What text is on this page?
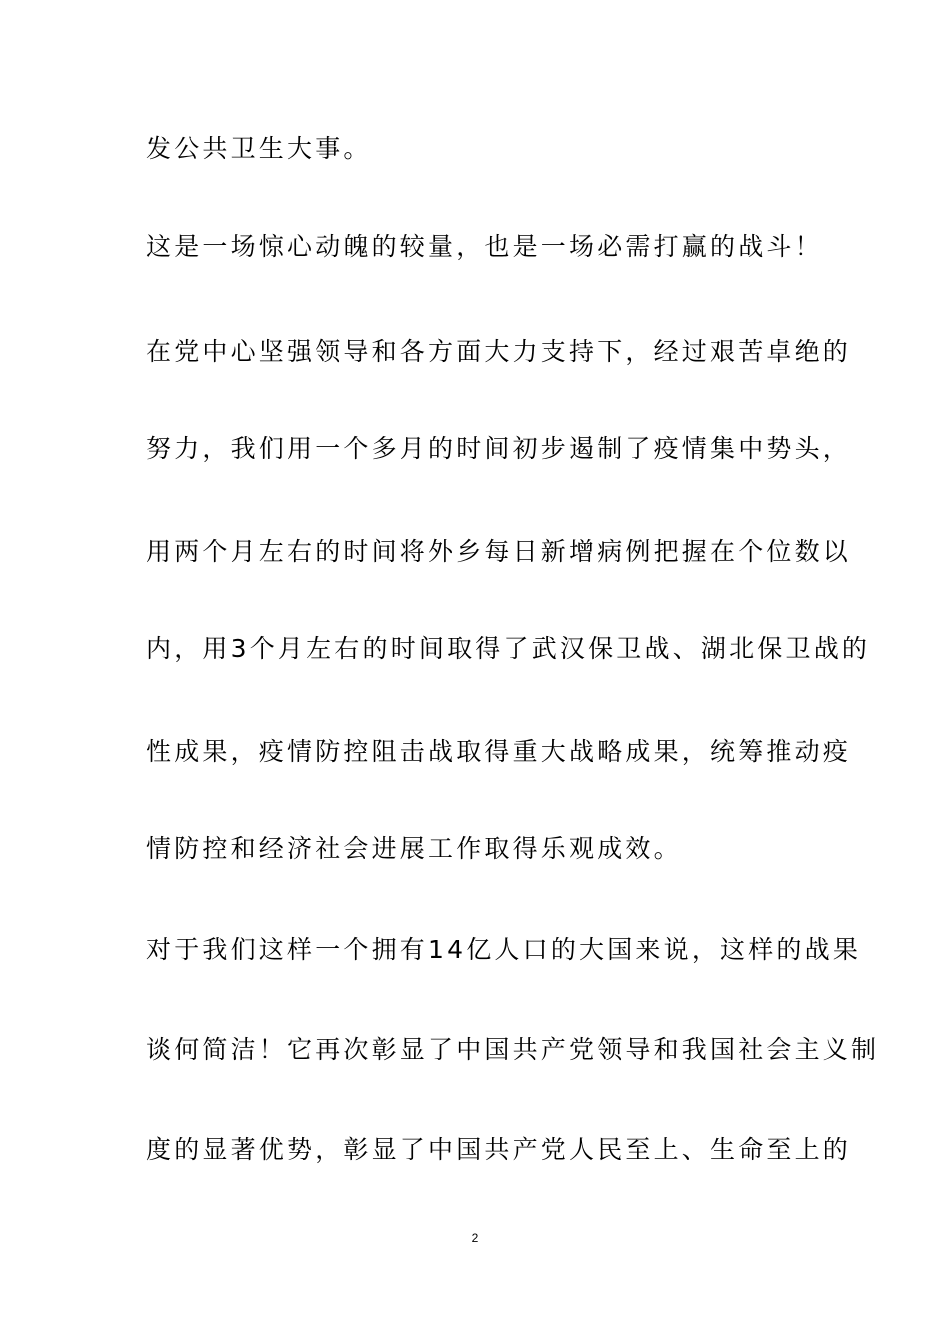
发公共卫生大事。
这是一场惊心动魄的较量，也是一场必需打赢的战斗！
在党中心坚强领导和各方面大力支持下，经过艰苦卓绝的
努力，我们用一个多月的时间初步遏制了疫情集中势头，
用两个月左右的时间将外乡每日新增病例把握在个位数以
内，用3个月左右的时间取得了武汉保卫战、湖北保卫战的
性成果，疫情防控阻击战取得重大战略成果，统筹推动疫
情防控和经济社会进展工作取得乐观成效。
对于我们这样一个拥有14亿人口的大国来说，这样的战果
谈何简洁！它再次彰显了中国共产党领导和我国社会主义制
度的显著优势，彰显了中国共产党人民至上、生命至上的
2
